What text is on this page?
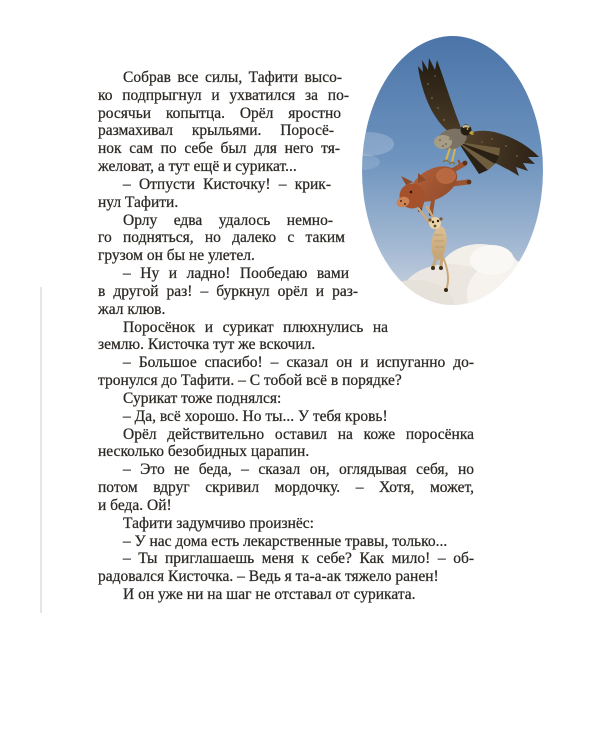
Собрав все силы, Тафити высо-
ко подпрыгнул и ухватился за по-
росячьи копытца. Орёл яростно
размахивал крыльями. Поросё-
нок сам по себе был для него тя-
желоват, а тут ещё и сурикат...
– Отпусти Кисточку! – крик-
нул Тафити.
Орлу едва удалось немно-
го подняться, но далеко с таким
грузом он бы не улетел.
– Ну и ладно! Пообедаю вами
в другой раз! – буркнул орёл и раз-
жал клюв.
Поросёнок и сурикат плюхнулись на
землю. Кисточка тут же вскочил.
– Большое спасибо! – сказал он и испуганно до-
тронулся до Тафити. – С тобой всё в порядке?
Сурикат тоже поднялся:
– Да, всё хорошо. Но ты... У тебя кровь!
Орёл действительно оставил на коже поросёнка
несколько безобидных царапин.
– Это не беда, – сказал он, оглядывая себя, но
потом вдруг скривил мордочку. – Хотя, может,
и беда. Ой!
Тафити задумчиво произнёс:
– У нас дома есть лекарственные травы, только...
– Ты приглашаешь меня к себе? Как мило! – об-
радовался Кисточка. – Ведь я та-а-ак тяжело ранен!
И он уже ни на шаг не отставал от суриката.
